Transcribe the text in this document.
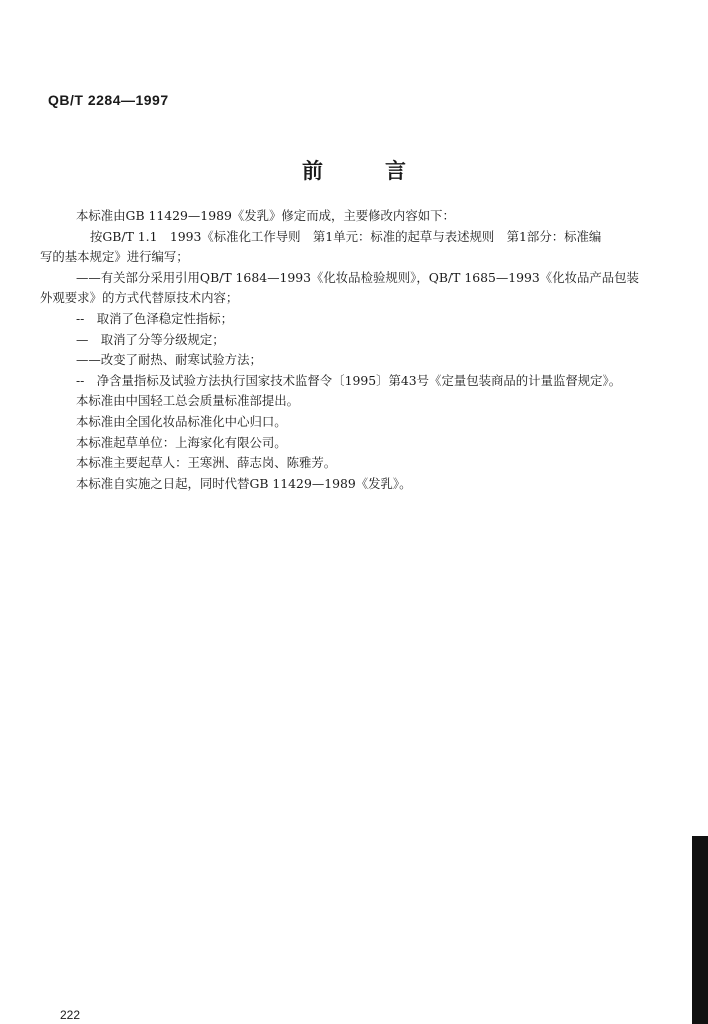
QB/T 2284—1997
前言
本标准由GB 11429—1989《发乳》修定而成，主要修改内容如下：
按GB/T 1.1　1993《标准化工作导则　第1单元：标准的起草与表述规则　第1部分：标准编
写的基本规定》进行编写；
——有关部分采用引用QB/T 1684—1993《化妆品检验规则》，QB/T 1685—1993《化妆品产品包装
外观要求》的方式代替原技术内容；
--　取消了色泽稳定性指标；
—　取消了分等分级规定；
——改变了耐热、耐寒试验方法；
--　净含量指标及试验方法执行国家技术监督令〔1995〕第43号《定量包装商品的计量监督规定》。
本标准由中国轻工总会质量标准部提出。
本标准由全国化妆品标准化中心归口。
本标准起草单位：上海家化有限公司。
本标准主要起草人：王寒洲、薛志岗、陈雅芳。
本标准自实施之日起，同时代替GB 11429—1989《发乳》。
222
